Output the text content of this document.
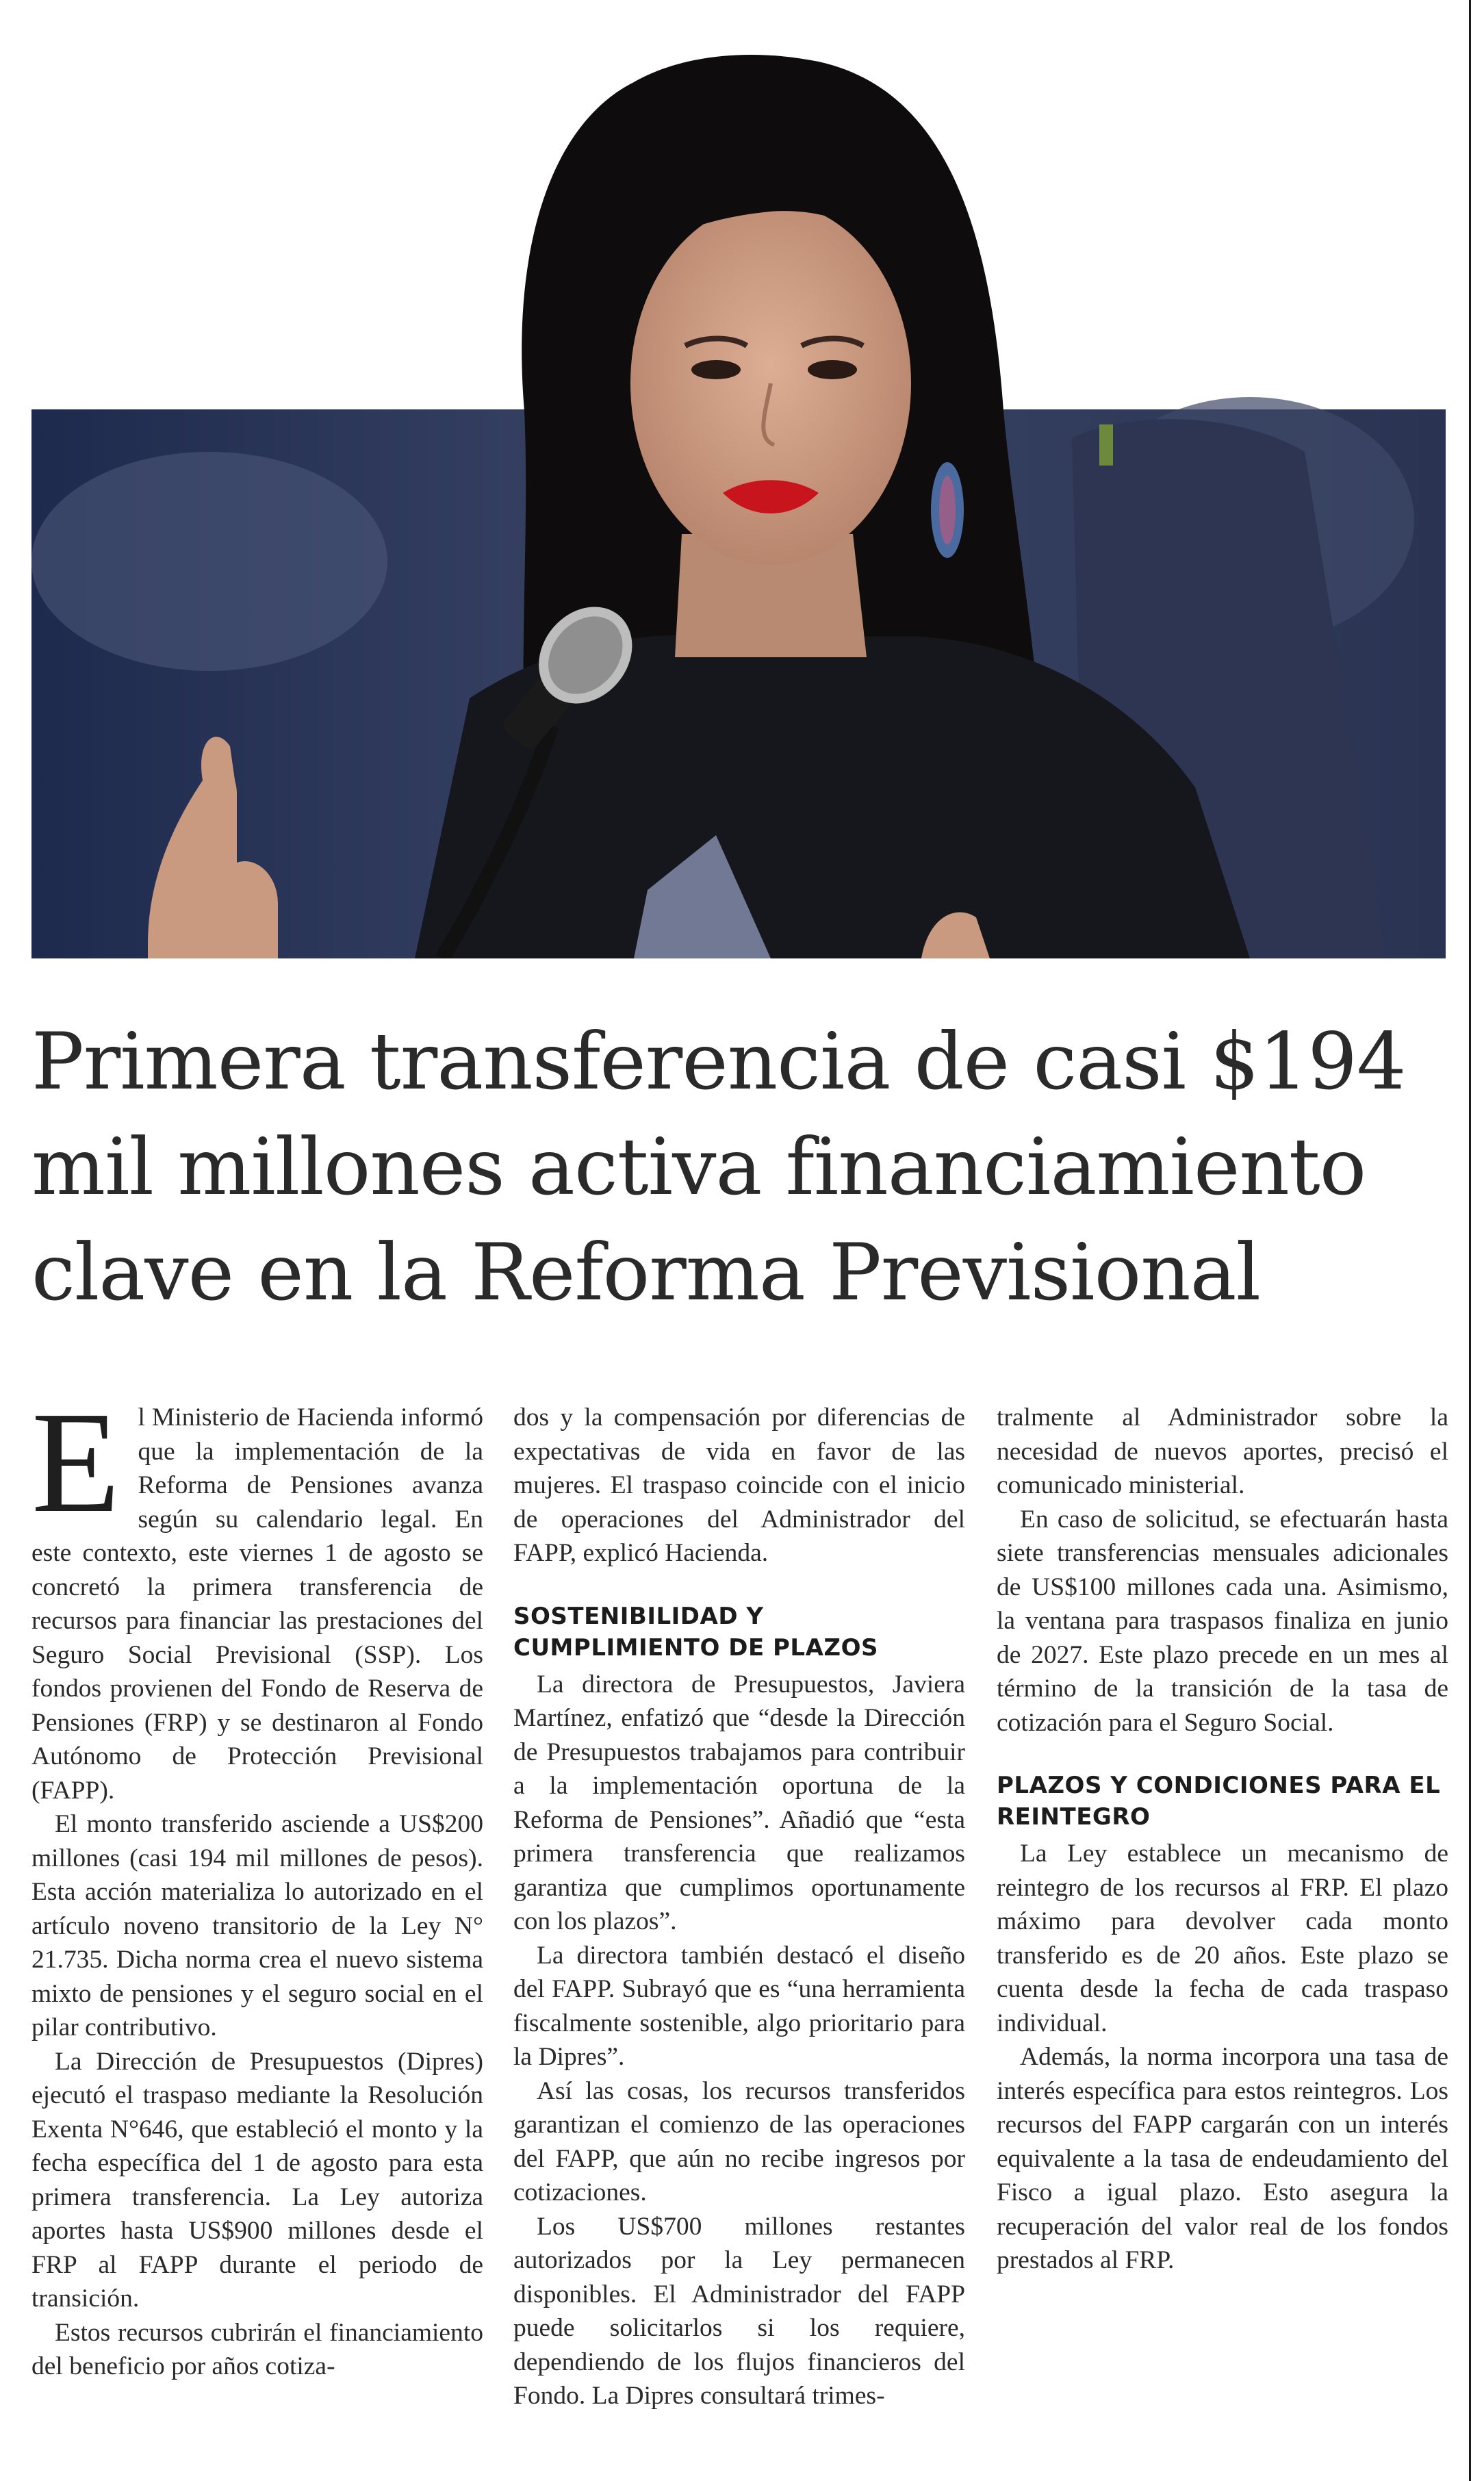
Primera transferencia de casi $194 mil millones activa financiamiento clave en la Reforma Previsional

El Ministerio de Hacienda informó que la implementación de la Reforma de Pensiones avanza según su calendario legal. En este contexto, este viernes 1 de agosto se concretó la primera transferencia de recursos para financiar las prestaciones del Seguro Social Previsional (SSP). Los fondos provienen del Fondo de Reserva de Pensiones (FRP) y se destinaron al Fondo Autónomo de Protección Previsional (FAPP).

El monto transferido asciende a US$200 millones (casi 194 mil millones de pesos). Esta acción materializa lo autorizado en el artículo noveno transitorio de la Ley N° 21.735. Dicha norma crea el nuevo sistema mixto de pensiones y el seguro social en el pilar contributivo.

La Dirección de Presupuestos (Dipres) ejecutó el traspaso mediante la Resolución Exenta N°646, que estableció el monto y la fecha específica del 1 de agosto para esta primera transferencia. La Ley autoriza aportes hasta US$900 millones desde el FRP al FAPP durante el periodo de transición.

Estos recursos cubrirán el financiamiento del beneficio por años cotiza-

dos y la compensación por diferencias de expectativas de vida en favor de las mujeres. El traspaso coincide con el inicio de operaciones del Administrador del FAPP, explicó Hacienda.

SOSTENIBILIDAD Y CUMPLIMIENTO DE PLAZOS

La directora de Presupuestos, Javiera Martínez, enfatizó que “desde la Dirección de Presupuestos trabajamos para contribuir a la implementación oportuna de la Reforma de Pensiones”. Añadió que “esta primera transferencia que realizamos garantiza que cumplimos oportunamente con los plazos”.

La directora también destacó el diseño del FAPP. Subrayó que es “una herramienta fiscalmente sostenible, algo prioritario para la Dipres”.

Así las cosas, los recursos transferidos garantizan el comienzo de las operaciones del FAPP, que aún no recibe ingresos por cotizaciones.

Los US$700 millones restantes autorizados por la Ley permanecen disponibles. El Administrador del FAPP puede solicitarlos si los requiere, dependiendo de los flujos financieros del Fondo. La Dipres consultará trimes-

tralmente al Administrador sobre la necesidad de nuevos aportes, precisó el comunicado ministerial.

En caso de solicitud, se efectuarán hasta siete transferencias mensuales adicionales de US$100 millones cada una. Asimismo, la ventana para traspasos finaliza en junio de 2027. Este plazo precede en un mes al término de la transición de la tasa de cotización para el Seguro Social.

PLAZOS Y CONDICIONES PARA EL REINTEGRO

La Ley establece un mecanismo de reintegro de los recursos al FRP. El plazo máximo para devolver cada monto transferido es de 20 años. Este plazo se cuenta desde la fecha de cada traspaso individual.

Además, la norma incorpora una tasa de interés específica para estos reintegros. Los recursos del FAPP cargarán con un interés equivalente a la tasa de endeudamiento del Fisco a igual plazo. Esto asegura la recuperación del valor real de los fondos prestados al FRP.
